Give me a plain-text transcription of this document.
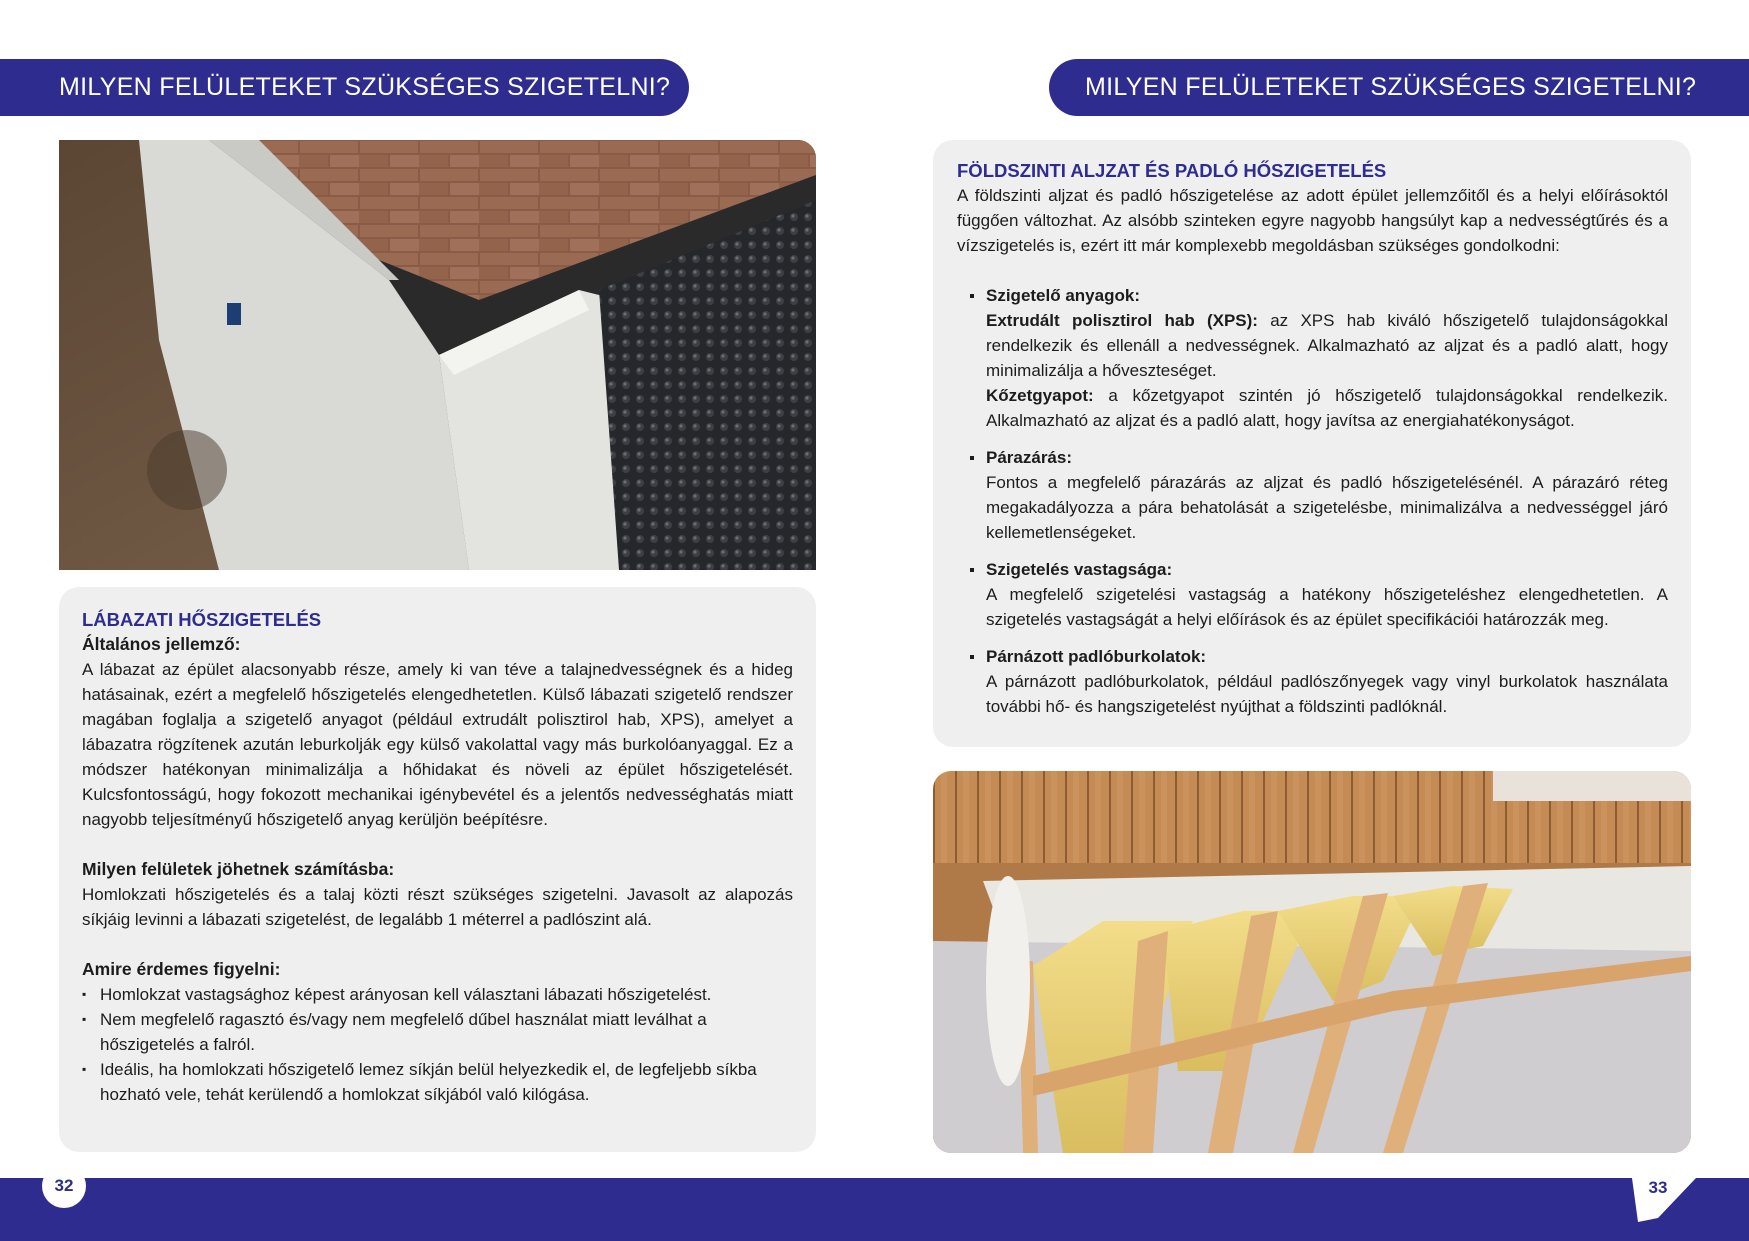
MILYEN FELÜLETEKET SZÜKSÉGES SZIGETELNI?
LÁBAZATI HŐSZIGETELÉS
Általános jellemző:

A lábazat az épület alacsonyabb része, amely ki van téve a talajnedvességnek és a hideg hatásainak, ezért a megfelelő hőszigetelés elengedhetetlen. Külső lábazati szigetelő rendszer magában foglalja a szigetelő anyagot (például extrudált polisztirol hab, XPS), amelyet a lábazatra rögzítenek azután leburkolják egy külső vakolattal vagy más burkolóanyaggal. Ez a módszer hatékonyan minimalizálja a hőhidakat és növeli az épület hőszigetelését. Kulcsfontosságú, hogy fokozott mechanikai igénybevétel és a jelentős nedvességhatás miatt nagyobb teljesítményű hőszigetelő anyag kerüljön beépítésre.

Milyen felületek jöhetnek számításba:

Homlokzati hőszigetelés és a talaj közti részt szükséges szigetelni. Javasolt az alapozás síkjáig levinni a lábazati szigetelést, de legalább 1 méterrel a padlószint alá.

Amire érdemes figyelni:
▪ Homlokzat vastagsághoz képest arányosan kell választani lábazati hőszigetelést.
▪ Nem megfelelő ragasztó és/vagy nem megfelelő dűbel használat miatt leválhat a hőszigetelés a falról.
▪ Ideális, ha homlokzati hőszigetelő lemez síkján belül helyezkedik el, de legfeljebb síkba hozható vele, tehát kerülendő a homlokzat síkjából való kilógása.
MILYEN FELÜLETEKET SZÜKSÉGES SZIGETELNI?
FÖLDSZINTI ALJZAT ÉS PADLÓ HŐSZIGETELÉS

A földszinti aljzat és padló hőszigetelése az adott épület jellemzőitől és a helyi előírásoktól függően változhat. Az alsóbb szinteken egyre nagyobb hangsúlyt kap a nedvességtűrés és a vízszigetelés is, ezért itt már komplexebb megoldásban szükséges gondolkodni:

Szigetelő anyagok:

Extrudált polisztirol hab (XPS): az XPS hab kiváló hőszigetelő tulajdonságokkal rendelkezik és ellenáll a nedvességnek. Alkalmazható az aljzat és a padló alatt, hogy minimalizálja a hőveszteséget.

Kőzetgyapot: a kőzetgyapot szintén jó hőszigetelő tulajdonságokkal rendelkezik. Alkalmazható az aljzat és a padló alatt, hogy javítsa az energiahatékonyságot.

Párazárás:

Fontos a megfelelő párazárás az aljzat és padló hőszigetelésénél. A párazáró réteg megakadályozza a pára behatolását a szigetelésbe, minimalizálva a nedvességgel járó kellemetlenségeket.

Szigetelés vastagsága:

A megfelelő szigetelési vastagság a hatékony hőszigeteléshez elengedhetetlen. A szigetelés vastagságát a helyi előírások és az épület specifikációi határozzák meg.

Párnázott padlóburkolatok:

A párnázott padlóburkolatok, például padlószőnyegek vagy vinyl burkolatok használata további hő- és hangszigetelést nyújthat a földszinti padlóknál.

32	33
